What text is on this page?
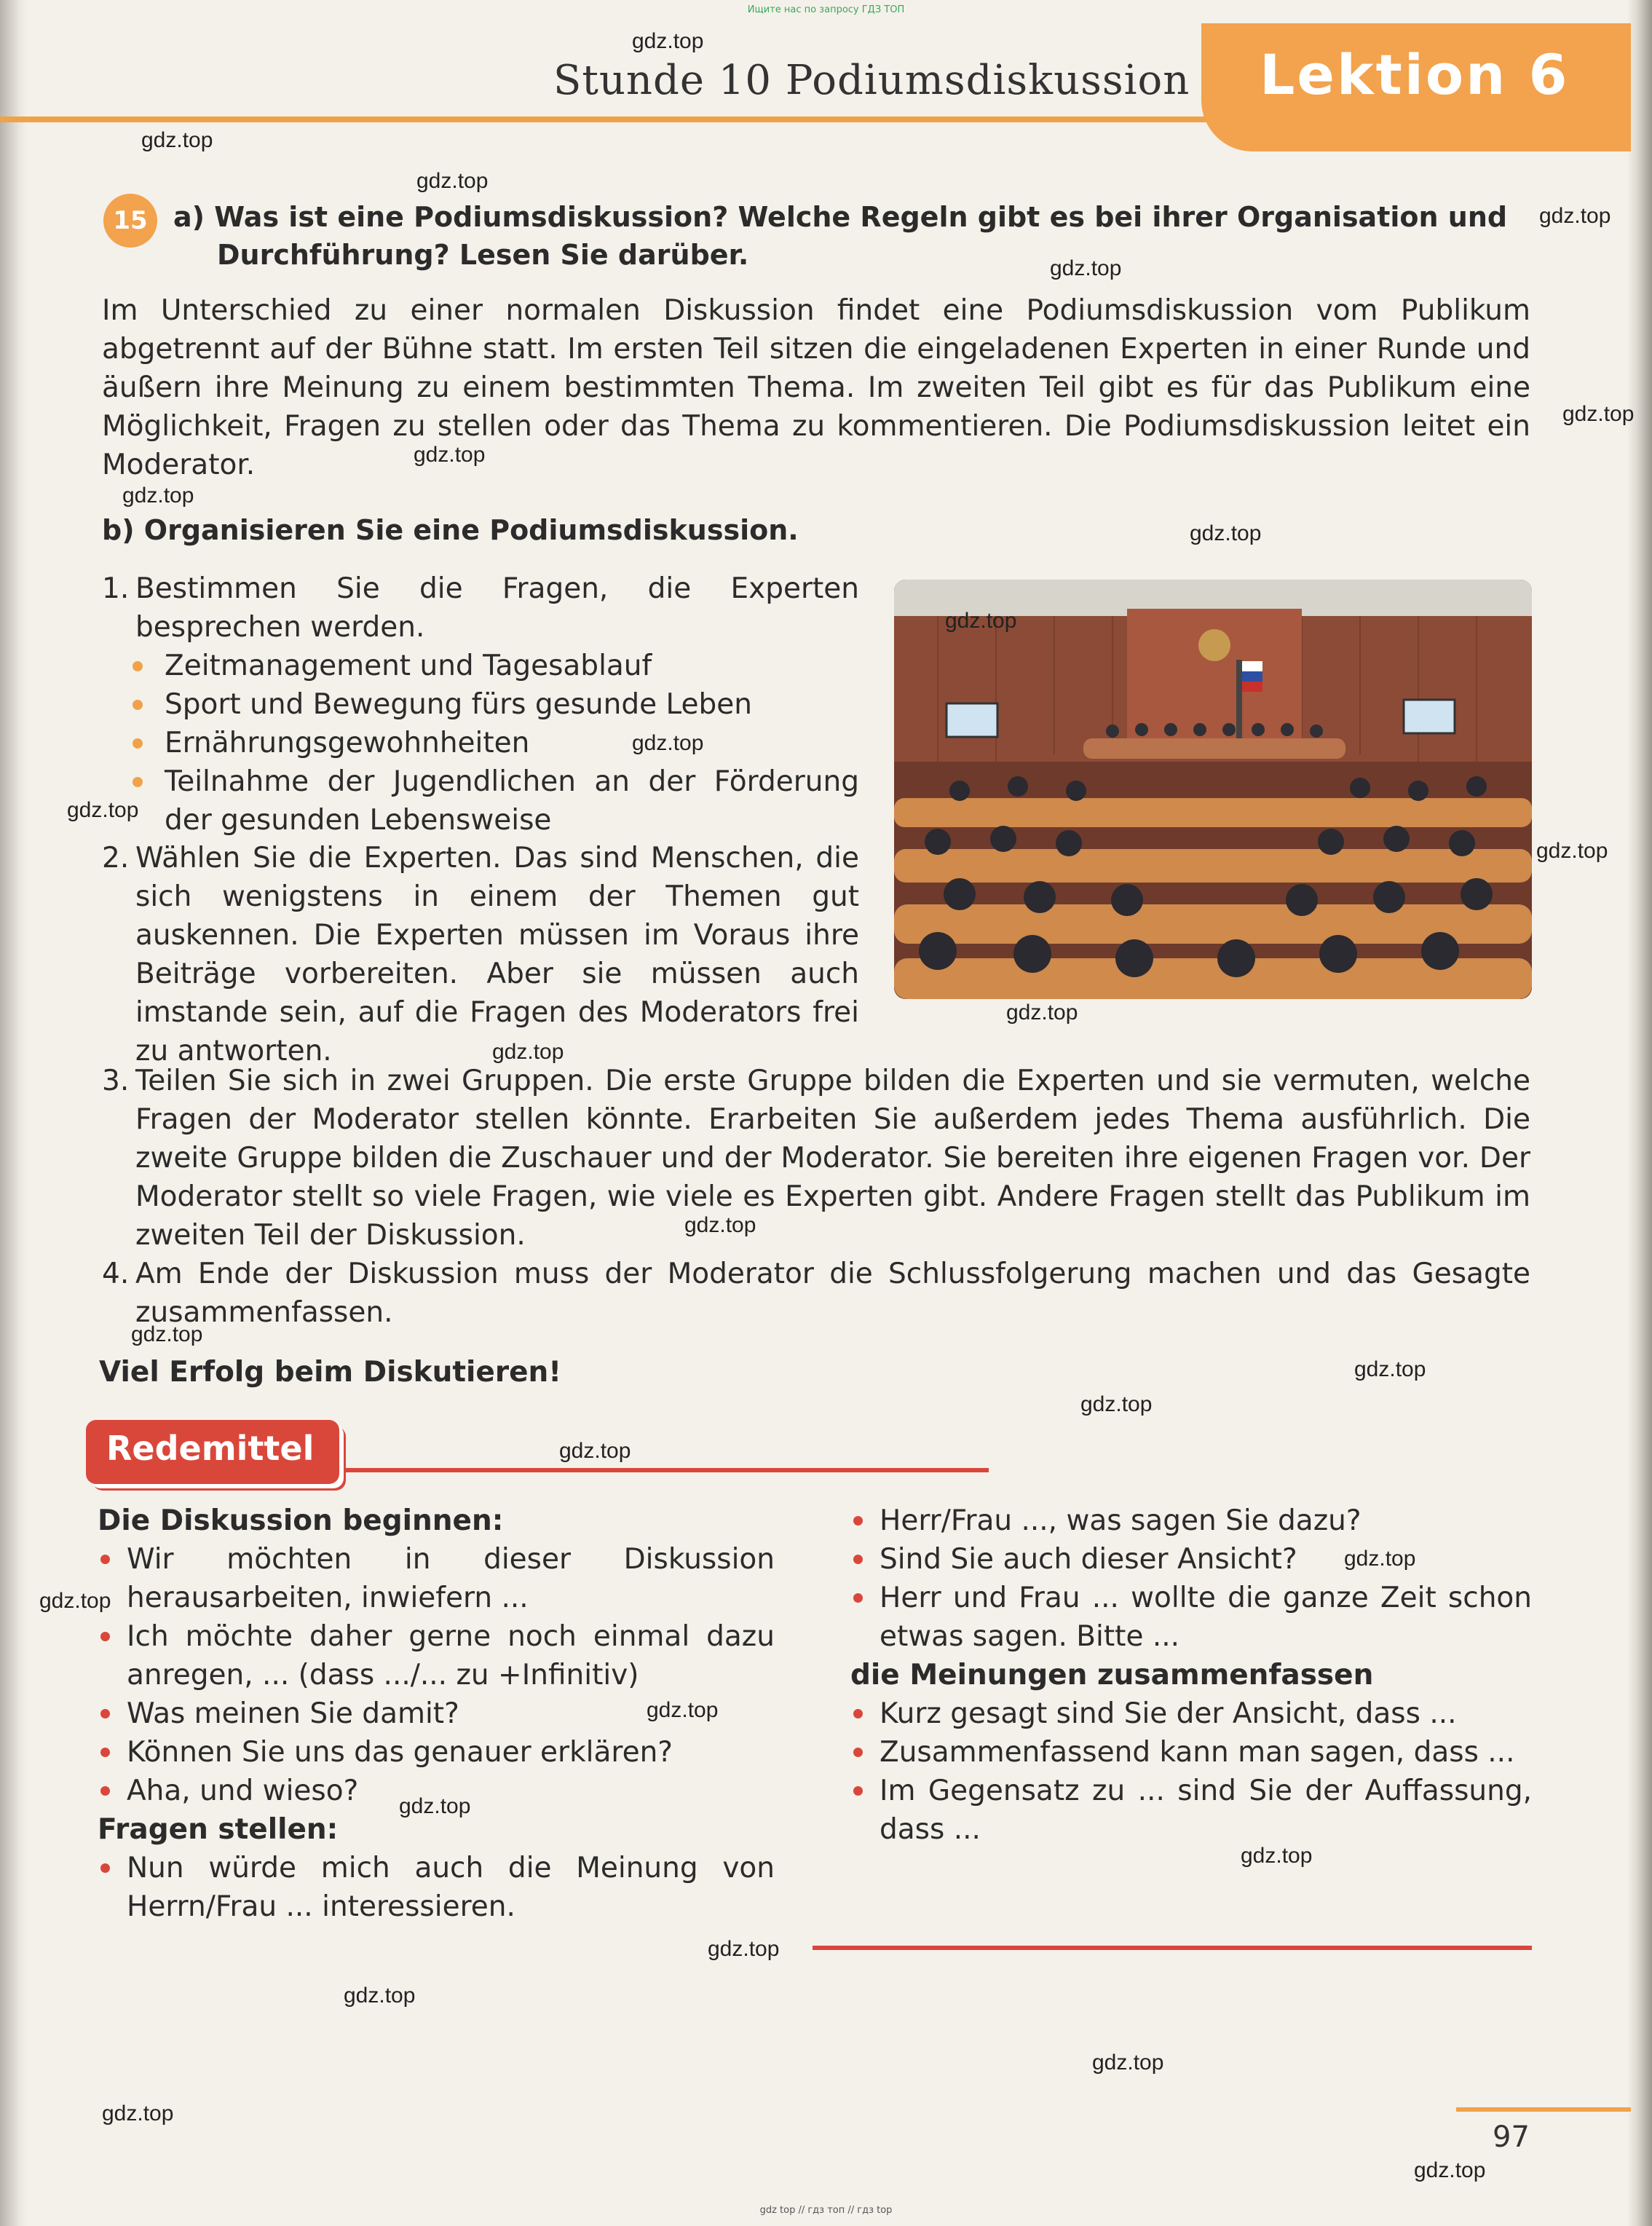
Ищите нас по запросу ГДЗ ТОП
Stunde 10 Podiumsdiskussion Lektion 6
15 a) Was ist eine Podiumsdiskussion? Welche Regeln gibt es bei ihrer Organisation und
Durchführung? Lesen Sie darüber.
Im Unterschied zu einer normalen Diskussion findet eine Podiumsdiskussion vom Publikum abgetrennt auf der Bühne statt. Im ersten Teil sitzen die eingeladenen Experten in einer Runde und äußern ihre Meinung zu einem bestimmten Thema. Im zweiten Teil gibt es für das Publikum eine Möglichkeit, Fragen zu stellen oder das Thema zu kommentieren. Die Podiumsdiskussion leitet ein Moderator.
b) Organisieren Sie eine Podiumsdiskussion.
1. Bestimmen Sie die Fragen, die Experten besprechen werden.
Zeitmanagement und Tagesablauf
Sport und Bewegung fürs gesunde Leben
Ernährungsgewohnheiten
Teilnahme der Jugendlichen an der Förderung der gesunden Lebensweise
2. Wählen Sie die Experten. Das sind Menschen, die sich wenigstens in einem der Themen gut auskennen. Die Experten müssen im Voraus ihre Beiträge vorbereiten. Aber sie müssen auch imstande sein, auf die Fragen des Moderators frei zu antworten.
3. Teilen Sie sich in zwei Gruppen. Die erste Gruppe bilden die Experten und sie vermuten, welche Fragen der Moderator stellen könnte. Erarbeiten Sie außerdem jedes Thema ausführlich. Die zweite Gruppe bilden die Zuschauer und der Moderator. Sie bereiten ihre eigenen Fragen vor. Der Moderator stellt so viele Fragen, wie viele es Experten gibt. Andere Fragen stellt das Publikum im zweiten Teil der Diskussion.
4. Am Ende der Diskussion muss der Moderator die Schlussfolgerung machen und das Gesagte zusammenfassen.
Viel Erfolg beim Diskutieren!
Redemittel
Die Diskussion beginnen:
Wir möchten in dieser Diskussion herausarbeiten, inwiefern ...
Ich möchte daher gerne noch einmal dazu anregen, ... (dass .../... zu +Infinitiv)
Was meinen Sie damit?
Können Sie uns das genauer erklären?
Aha, und wieso?
Fragen stellen:
Nun würde mich auch die Meinung von Herrn/Frau ... interessieren.
Herr/Frau ..., was sagen Sie dazu?
Sind Sie auch dieser Ansicht?
Herr und Frau ... wollte die ganze Zeit schon etwas sagen. Bitte ...
die Meinungen zusammenfassen
Kurz gesagt sind Sie der Ansicht, dass ...
Zusammenfassend kann man sagen, dass ...
Im Gegensatz zu ... sind Sie der Auffassung, dass ...
97
gdz top // гдз топ // гдз top
gdz.top
gdz.top
gdz.top
gdz.top
gdz.top
gdz.top
gdz.top
gdz.top
gdz.top
gdz.top
gdz.top
gdz.top
gdz.top
gdz.top
gdz.top
gdz.top
gdz.top
gdz.top
gdz.top
gdz.top
gdz.top
gdz.top
gdz.top
gdz.top
gdz.top
gdz.top
gdz.top
gdz.top
gdz.top
gdz.top
